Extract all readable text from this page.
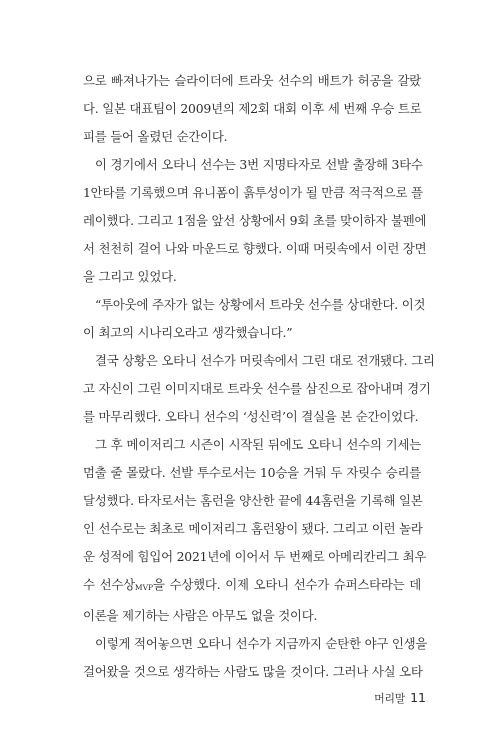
으로 빠져나가는 슬라이더에 트라웃 선수의 배트가 허공을 갈랐
다. 일본 대표팀이 2009년의 제2회 대회 이후 세 번째 우승 트로
피를 들어 올렸던 순간이다.
이 경기에서 오타니 선수는 3번 지명타자로 선발 출장해 3타수
1안타를 기록했으며 유니폼이 흙투성이가 될 만큼 적극적으로 플
레이했다. 그리고 1점을 앞선 상황에서 9회 초를 맞이하자 불펜에
서 천천히 걸어 나와 마운드로 향했다. 이때 머릿속에서 이런 장면
을 그리고 있었다.
“투아웃에 주자가 없는 상황에서 트라웃 선수를 상대한다. 이것
이 최고의 시나리오라고 생각했습니다.”
결국 상황은 오타니 선수가 머릿속에서 그린 대로 전개됐다. 그리
고 자신이 그린 이미지대로 트라웃 선수를 삼진으로 잡아내며 경기
를 마무리했다. 오타니 선수의 ‘성신력’이 결실을 본 순간이었다.
그 후 메이저리그 시즌이 시작된 뒤에도 오타니 선수의 기세는
멈출 줄 몰랐다. 선발 투수로서는 10승을 거둬 두 자릿수 승리를
달성했다. 타자로서는 홈런을 양산한 끝에 44홈런을 기록해 일본
인 선수로는 최초로 메이저리그 홈런왕이 됐다. 그리고 이런 놀라
운 성적에 힘입어 2021년에 이어서 두 번째로 아메리칸리그 최우
수 선수상MVP을 수상했다. 이제 오타니 선수가 슈퍼스타라는 데
이론을 제기하는 사람은 아무도 없을 것이다.
이렇게 적어놓으면 오타니 선수가 지금까지 순탄한 야구 인생을
걸어왔을 것으로 생각하는 사람도 많을 것이다. 그러나 사실 오타
머리말 11
